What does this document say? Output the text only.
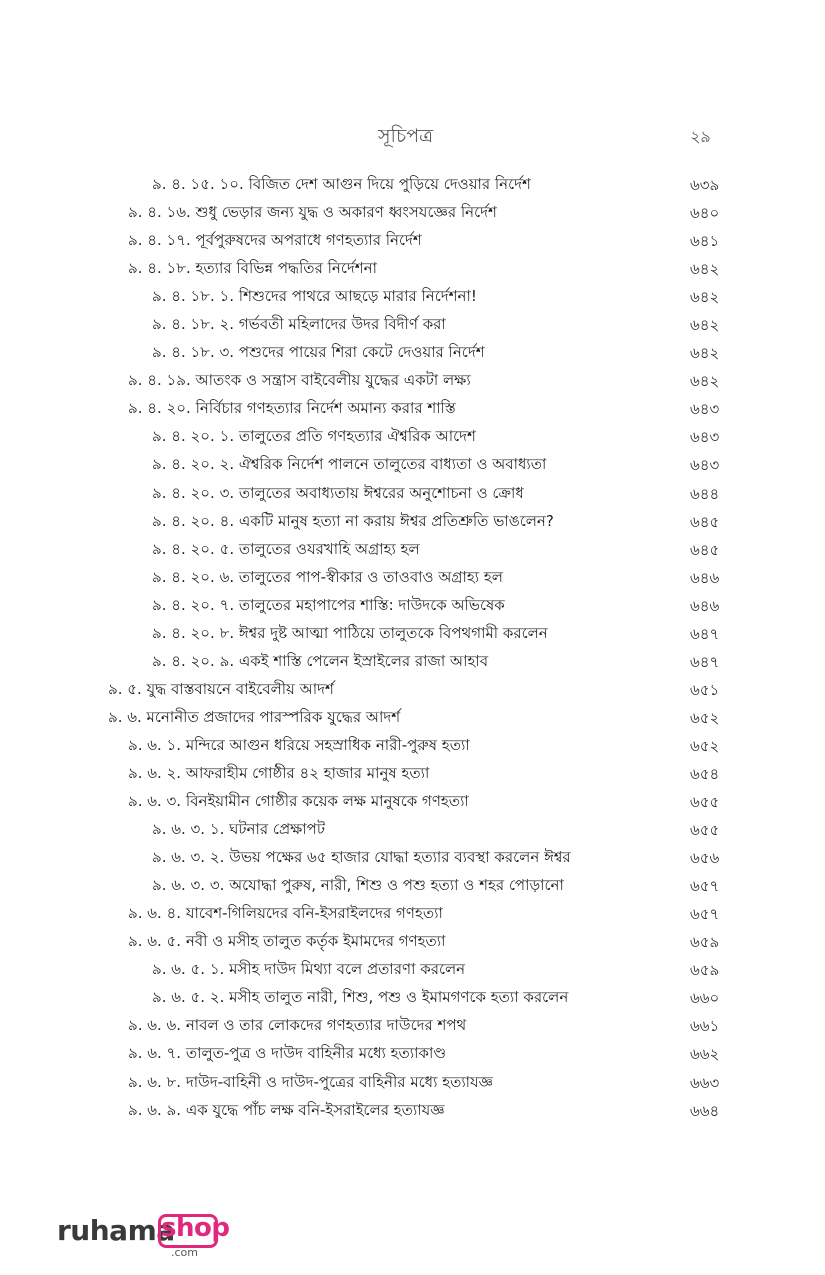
সূচিপত্র	২৯
৯. ৪. ১৫. ১০. বিজিত দেশ আগুন দিয়ে পুড়িয়ে দেওয়ার নির্দেশ	৬৩৯
৯. ৪. ১৬. শুধু ভেড়ার জন্য যুদ্ধ ও অকারণ ধ্বংসযজ্ঞের নির্দেশ	৬৪০
৯. ৪. ১৭. পূর্বপুরুষদের অপরাধে গণহত্যার নির্দেশ	৬৪১
৯. ৪. ১৮. হত্যার বিভিন্ন পদ্ধতির নির্দেশনা	৬৪২
৯. ৪. ১৮. ১. শিশুদের পাথরে আছড়ে মারার নির্দেশনা!	৬৪২
৯. ৪. ১৮. ২. গর্ভবতী মহিলাদের উদর বিদীর্ণ করা	৬৪২
৯. ৪. ১৮. ৩. পশুদের পায়ের শিরা কেটে দেওয়ার নির্দেশ	৬৪২
৯. ৪. ১৯. আতংক ও সন্ত্রাস বাইবেলীয় যুদ্ধের একটা লক্ষ্য	৬৪২
৯. ৪. ২০. নির্বিচার গণহত্যার নির্দেশ অমান্য করার শাস্তি	৬৪৩
৯. ৪. ২০. ১. তালুতের প্রতি গণহত্যার ঐশ্বরিক আদেশ	৬৪৩
৯. ৪. ২০. ২. ঐশ্বরিক নির্দেশ পালনে তালুতের বাধ্যতা ও অবাধ্যতা	৬৪৩
৯. ৪. ২০. ৩. তালুতের অবাধ্যতায় ঈশ্বরের অনুশোচনা ও ক্রোধ	৬৪৪
৯. ৪. ২০. ৪. একটি মানুষ হত্যা না করায় ঈশ্বর প্রতিশ্রুতি ভাঙলেন?	৬৪৫
৯. ৪. ২০. ৫. তালুতের ওযরখাহি অগ্রাহ্য হল	৬৪৫
৯. ৪. ২০. ৬. তালুতের পাপ-স্বীকার ও তাওবাও অগ্রাহ্য হল	৬৪৬
৯. ৪. ২০. ৭. তালুতের মহাপাপের শাস্তি: দাউদকে অভিষেক	৬৪৬
৯. ৪. ২০. ৮. ঈশ্বর দুষ্ট আত্মা পাঠিয়ে তালুতকে বিপথগামী করলেন	৬৪৭
৯. ৪. ২০. ৯. একই শাস্তি পেলেন ইস্রাইলের রাজা আহাব	৬৪৭
৯. ৫. যুদ্ধ বাস্তবায়নে বাইবেলীয় আদর্শ	৬৫১
৯. ৬. মনোনীত প্রজাদের পারস্পরিক যুদ্ধের আদর্শ	৬৫২
৯. ৬. ১. মন্দিরে আগুন ধরিয়ে সহস্রাধিক নারী-পুরুষ হত্যা	৬৫২
৯. ৬. ২. আফরাহীম গোষ্ঠীর ৪২ হাজার মানুষ হত্যা	৬৫৪
৯. ৬. ৩. বিনইয়ামীন গোষ্ঠীর কয়েক লক্ষ মানুষকে গণহত্যা	৬৫৫
৯. ৬. ৩. ১. ঘটনার প্রেক্ষাপট	৬৫৫
৯. ৬. ৩. ২. উভয় পক্ষের ৬৫ হাজার যোদ্ধা হত্যার ব্যবস্থা করলেন ঈশ্বর	৬৫৬
৯. ৬. ৩. ৩. অযোদ্ধা পুরুষ, নারী, শিশু ও পশু হত্যা ও শহর পোড়ানো	৬৫৭
৯. ৬. ৪. যাবেশ-গিলিয়দের বনি-ইসরাইলদের গণহত্যা	৬৫৭
৯. ৬. ৫. নবী ও মসীহ তালুত কর্তৃক ইমামদের গণহত্যা	৬৫৯
৯. ৬. ৫. ১. মসীহ দাউদ মিথ্যা বলে প্রতারণা করলেন	৬৫৯
৯. ৬. ৫. ২. মসীহ তালুত নারী, শিশু, পশু ও ইমামগণকে হত্যা করলেন	৬৬০
৯. ৬. ৬. নাবল ও তার লোকদের গণহত্যার দাউদের শপথ	৬৬১
৯. ৬. ৭. তালুত-পুত্র ও দাউদ বাহিনীর মধ্যে হত্যাকাণ্ড	৬৬২
৯. ৬. ৮. দাউদ-বাহিনী ও দাউদ-পুত্রের বাহিনীর মধ্যে হত্যাযজ্ঞ	৬৬৩
৯. ৬. ৯. এক যুদ্ধে পাঁচ লক্ষ বনি-ইসরাইলের হত্যাযজ্ঞ	৬৬৪
ruhama
shop
.com
